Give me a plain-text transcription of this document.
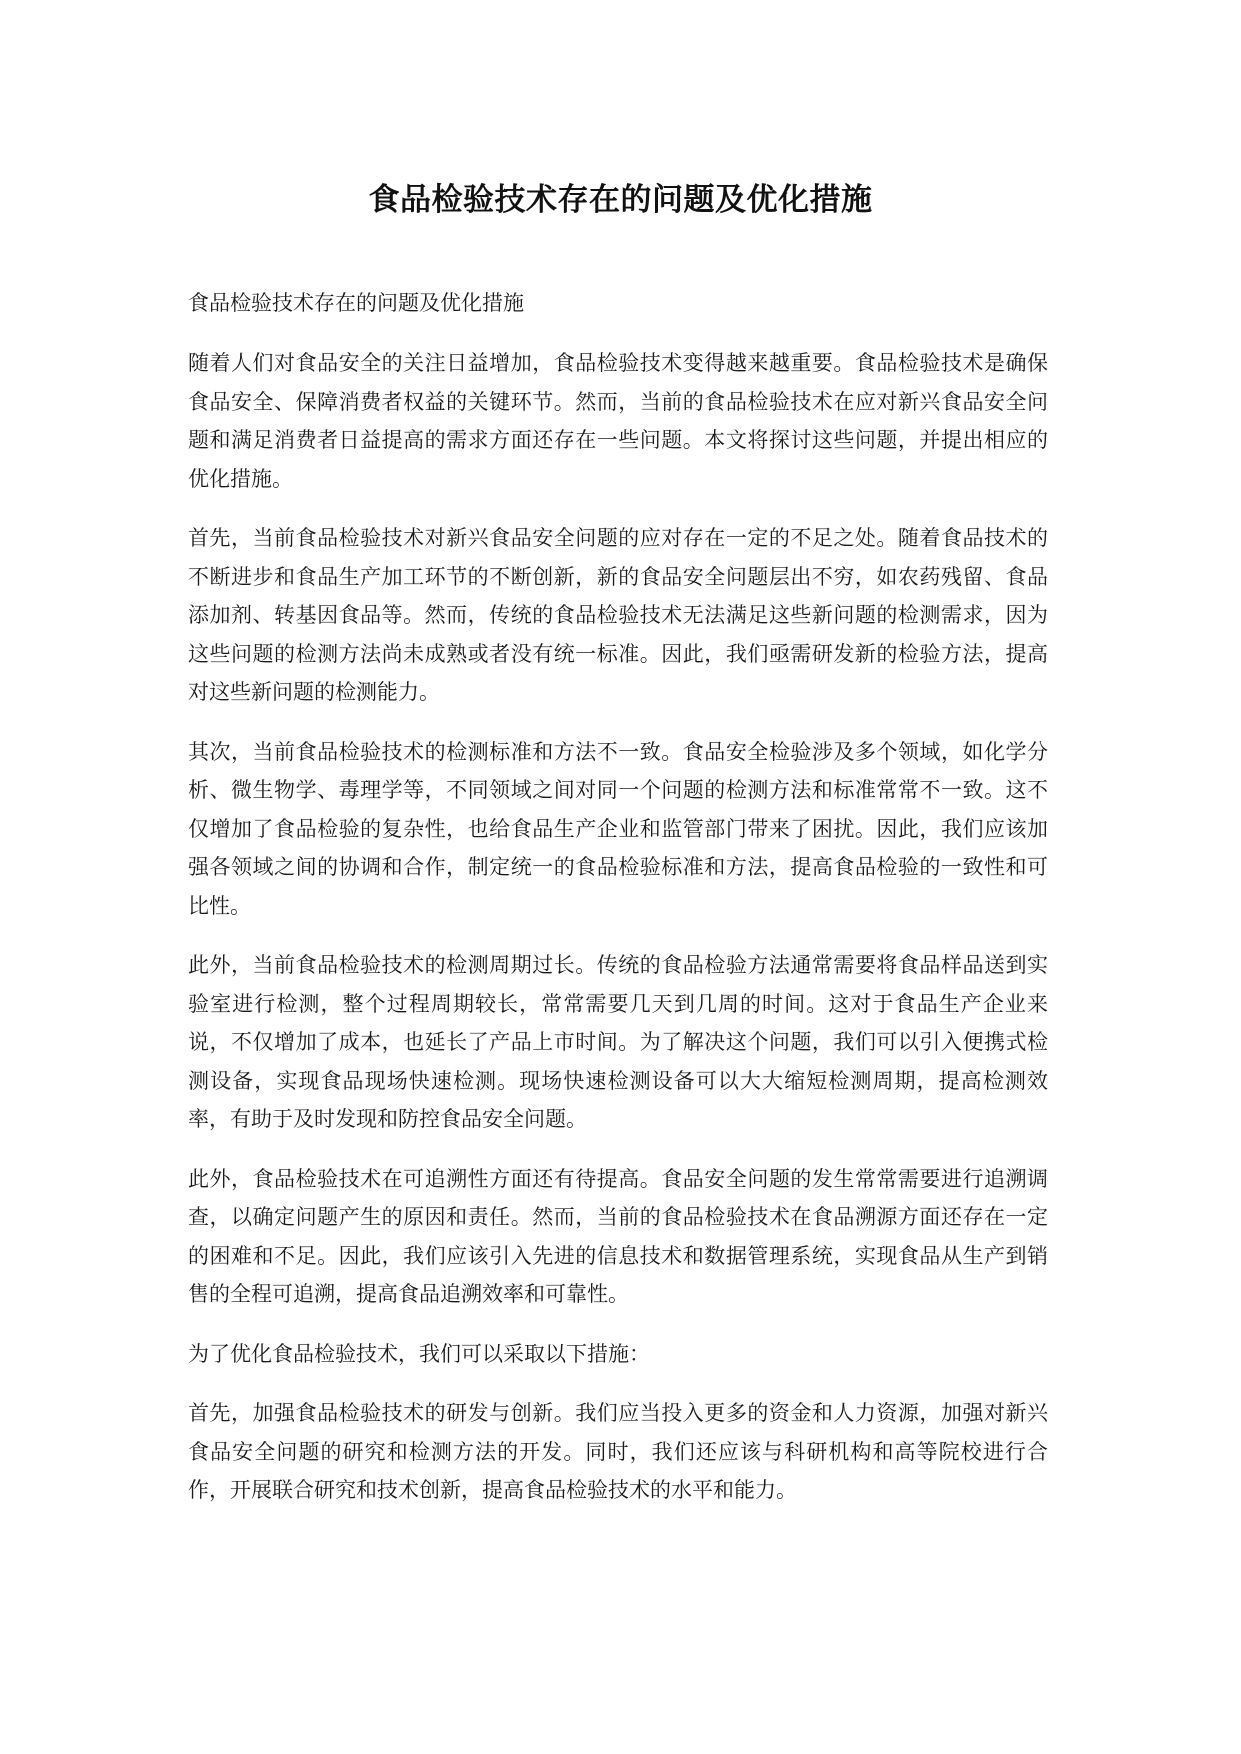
食品检验技术存在的问题及优化措施

食品检验技术存在的问题及优化措施

随着人们对食品安全的关注日益增加，食品检验技术变得越来越重要。食品检验技术是确保食品安全、保障消费者权益的关键环节。然而，当前的食品检验技术在应对新兴食品安全问题和满足消费者日益提高的需求方面还存在一些问题。本文将探讨这些问题，并提出相应的优化措施。

首先，当前食品检验技术对新兴食品安全问题的应对存在一定的不足之处。随着食品技术的不断进步和食品生产加工环节的不断创新，新的食品安全问题层出不穷，如农药残留、食品添加剂、转基因食品等。然而，传统的食品检验技术无法满足这些新问题的检测需求，因为这些问题的检测方法尚未成熟或者没有统一标准。因此，我们亟需研发新的检验方法，提高对这些新问题的检测能力。

其次，当前食品检验技术的检测标准和方法不一致。食品安全检验涉及多个领域，如化学分析、微生物学、毒理学等，不同领域之间对同一个问题的检测方法和标准常常不一致。这不仅增加了食品检验的复杂性，也给食品生产企业和监管部门带来了困扰。因此，我们应该加强各领域之间的协调和合作，制定统一的食品检验标准和方法，提高食品检验的一致性和可比性。

此外，当前食品检验技术的检测周期过长。传统的食品检验方法通常需要将食品样品送到实验室进行检测，整个过程周期较长，常常需要几天到几周的时间。这对于食品生产企业来说，不仅增加了成本，也延长了产品上市时间。为了解决这个问题，我们可以引入便携式检测设备，实现食品现场快速检测。现场快速检测设备可以大大缩短检测周期，提高检测效率，有助于及时发现和防控食品安全问题。

此外，食品检验技术在可追溯性方面还有待提高。食品安全问题的发生常常需要进行追溯调查，以确定问题产生的原因和责任。然而，当前的食品检验技术在食品溯源方面还存在一定的困难和不足。因此，我们应该引入先进的信息技术和数据管理系统，实现食品从生产到销售的全程可追溯，提高食品追溯效率和可靠性。

为了优化食品检验技术，我们可以采取以下措施：

首先，加强食品检验技术的研发与创新。我们应当投入更多的资金和人力资源，加强对新兴食品安全问题的研究和检测方法的开发。同时，我们还应该与科研机构和高等院校进行合作，开展联合研究和技术创新，提高食品检验技术的水平和能力。
